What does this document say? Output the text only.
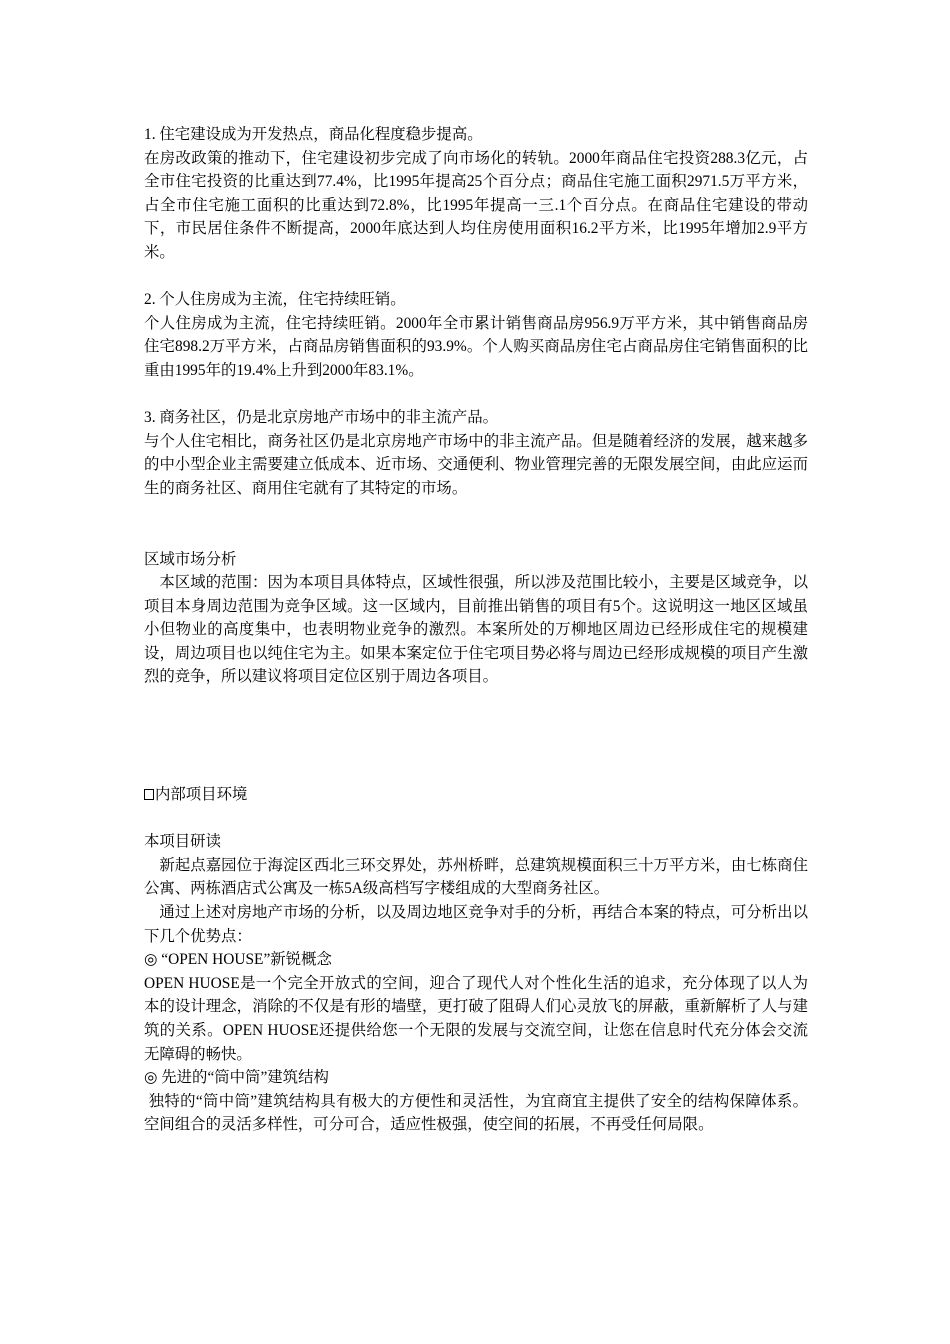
1. 住宅建设成为开发热点，商品化程度稳步提高。

在房改政策的推动下，住宅建设初步完成了向市场化的转轨。2000年商品住宅投资288.3亿元，占全市住宅投资的比重达到77.4%，比1995年提高25个百分点；商品住宅施工面积2971.5万平方米，占全市住宅施工面积的比重达到72.8%，比1995年提高一三.1个百分点。在商品住宅建设的带动下，市民居住条件不断提高，2000年底达到人均住房使用面积16.2平方米，比1995年增加2.9平方米。

2. 个人住房成为主流，住宅持续旺销。

个人住房成为主流，住宅持续旺销。2000年全市累计销售商品房956.9万平方米，其中销售商品房住宅898.2万平方米，占商品房销售面积的93.9%。个人购买商品房住宅占商品房住宅销售面积的比重由1995年的19.4%上升到2000年83.1%。

3. 商务社区，仍是北京房地产市场中的非主流产品。

与个人住宅相比，商务社区仍是北京房地产市场中的非主流产品。但是随着经济的发展，越来越多的中小型企业主需要建立低成本、近市场、交通便利、物业管理完善的无限发展空间，由此应运而生的商务社区、商用住宅就有了其特定的市场。

区域市场分析

本区域的范围：因为本项目具体特点，区域性很强，所以涉及范围比较小，主要是区域竞争，以项目本身周边范围为竞争区域。这一区域内，目前推出销售的项目有5个。这说明这一地区区域虽小但物业的高度集中，也表明物业竞争的激烈。本案所处的万柳地区周边已经形成住宅的规模建设，周边项目也以纯住宅为主。如果本案定位于住宅项目势必将与周边已经形成规模的项目产生激烈的竞争，所以建议将项目定位区别于周边各项目。

内部项目环境

本项目研读

新起点嘉园位于海淀区西北三环交界处，苏州桥畔，总建筑规模面积三十万平方米，由七栋商住公寓、两栋酒店式公寓及一栋5A级高档写字楼组成的大型商务社区。

通过上述对房地产市场的分析，以及周边地区竞争对手的分析，再结合本案的特点，可分析出以下几个优势点：

◎ “OPEN HOUSE”新锐概念

OPEN HUOSE是一个完全开放式的空间，迎合了现代人对个性化生活的追求，充分体现了以人为本的设计理念，消除的不仅是有形的墙壁，更打破了阻碍人们心灵放飞的屏蔽，重新解析了人与建筑的关系。OPEN HUOSE还提供给您一个无限的发展与交流空间，让您在信息时代充分体会交流无障碍的畅快。

◎ 先进的“筒中筒”建筑结构

独特的“筒中筒”建筑结构具有极大的方便性和灵活性，为宜商宜主提供了安全的结构保障体系。空间组合的灵活多样性，可分可合，适应性极强，使空间的拓展，不再受任何局限。
